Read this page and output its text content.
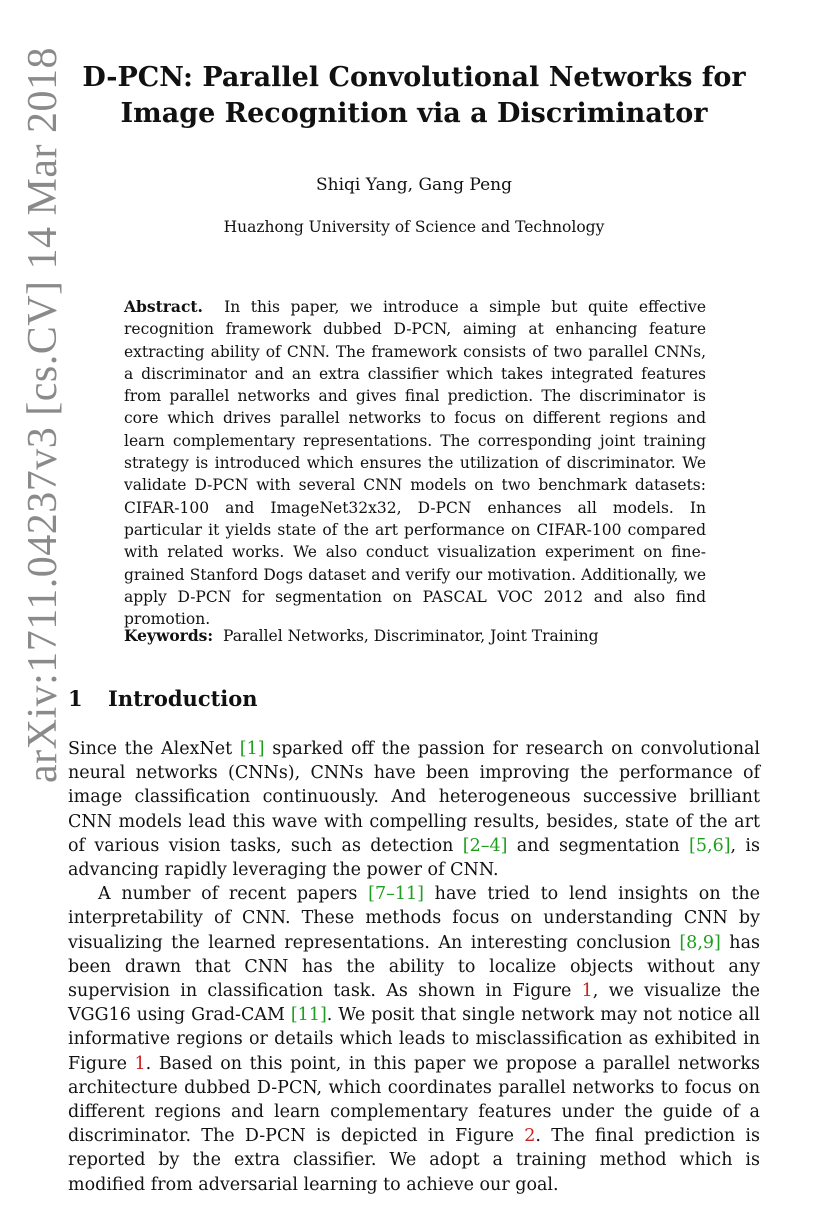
arXiv:1711.04237v3 [cs.CV] 14 Mar 2018 D-PCN: Parallel Convolutional Networks for
Image Recognition via a Discriminator

Shiqi Yang, Gang Peng

Huazhong University of Science and Technology

Abstract. In this paper, we introduce a simple but quite effective recognition framework dubbed D-PCN, aiming at enhancing feature extracting ability of CNN. The framework consists of two parallel CNNs, a discriminator and an extra classifier which takes integrated features from parallel networks and gives final prediction. The discriminator is core which drives parallel networks to focus on different regions and learn complementary representations. The corresponding joint training strategy is introduced which ensures the utilization of discriminator. We validate D-PCN with several CNN models on two benchmark datasets: CIFAR-100 and ImageNet32x32, D-PCN enhances all models. In particular it yields state of the art performance on CIFAR-100 compared with related works. We also conduct visualization experiment on fine-grained Stanford Dogs dataset and verify our motivation. Additionally, we apply D-PCN for segmentation on PASCAL VOC 2012 and also find promotion.

Keywords: Parallel Networks, Discriminator, Joint Training

1 Introduction

Since the AlexNet [1] sparked off the passion for research on convolutional neural networks (CNNs), CNNs have been improving the performance of image classification continuously. And heterogeneous successive brilliant CNN models lead this wave with compelling results, besides, state of the art of various vision tasks, such as detection [2–4] and segmentation [5,6], is advancing rapidly leveraging the power of CNN.

A number of recent papers [7–11] have tried to lend insights on the interpretability of CNN. These methods focus on understanding CNN by visualizing the learned representations. An interesting conclusion [8,9] has been drawn that CNN has the ability to localize objects without any supervision in classification task. As shown in Figure 1, we visualize the VGG16 using Grad-CAM [11]. We posit that single network may not notice all informative regions or details which leads to misclassification as exhibited in Figure 1. Based on this point, in this paper we propose a parallel networks architecture dubbed D-PCN, which coordinates parallel networks to focus on different regions and learn complementary features under the guide of a discriminator. The D-PCN is depicted in Figure 2. The final prediction is reported by the extra classifier. We adopt a training method which is modified from adversarial learning to achieve our goal.
